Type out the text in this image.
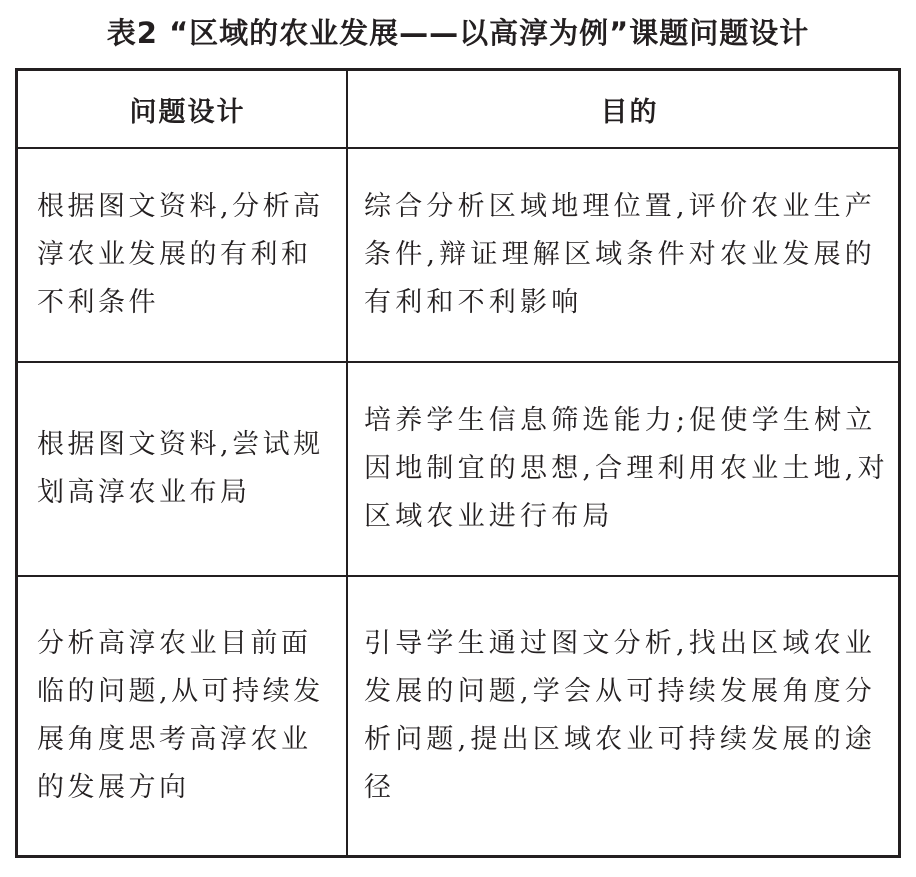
表2 “区域的农业发展——以高淳为例”课题问题设计
问题设计	目的
根据图文资料,分析高淳农业发展的有利和不利条件
综合分析区域地理位置,评价农业生产条件,辩证理解区域条件对农业发展的有利和不利影响
根据图文资料,尝试规划高淳农业布局
培养学生信息筛选能力;促使学生树立因地制宜的思想,合理利用农业土地,对区域农业进行布局
分析高淳农业目前面临的问题,从可持续发展角度思考高淳农业的发展方向
引导学生通过图文分析,找出区域农业发展的问题,学会从可持续发展角度分析问题,提出区域农业可持续发展的途径
